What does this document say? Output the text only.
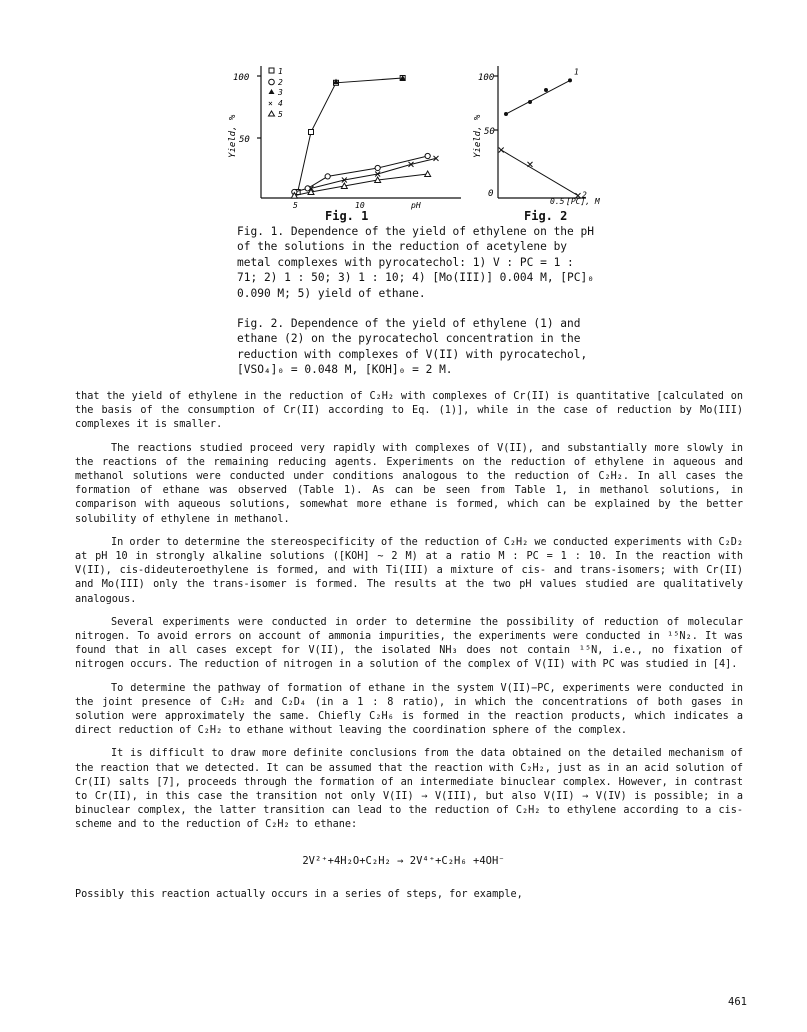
100
50
5	10	pH
Yield, %
1
2
3
× 4
5
100
50
0
0.5 [PC], M
Yield, %
1
2
Fig. 1	Fig. 2
Fig. 1. Dependence of the yield of ethylene on the pH of the solutions in the reduction of acetylene by metal complexes with pyrocatechol: 1) V : PC = 1 : 71; 2) 1 : 50; 3) 1 : 10; 4) [Mo(III)] 0.004 M, [PC]₀ 0.090 M; 5) yield of ethane.
Fig. 2. Dependence of the yield of ethylene (1) and ethane (2) on the pyrocatechol concentration in the reduction with complexes of V(II) with pyrocatechol, [VSO₄]₀ = 0.048 M, [KOH]₀ = 2 M.

that the yield of ethylene in the reduction of C₂H₂ with complexes of Cr(II) is quantitative [calculated on the basis of the consumption of Cr(II) according to Eq. (1)], while in the case of reduction by Mo(III) complexes it is smaller.

The reactions studied proceed very rapidly with complexes of V(II), and substantially more slowly in the reactions of the remaining reducing agents. Experiments on the reduction of ethylene in aqueous and methanol solutions were conducted under conditions analogous to the reduction of C₂H₂. In all cases the formation of ethane was observed (Table 1). As can be seen from Table 1, in methanol solutions, in comparison with aqueous solutions, somewhat more ethane is formed, which can be explained by the better solubility of ethylene in methanol.

In order to determine the stereospecificity of the reduction of C₂H₂ we conducted experiments with C₂D₂ at pH 10 in strongly alkaline solutions ([KOH] ~ 2 M) at a ratio M : PC = 1 : 10. In the reaction with V(II), cis-dideuteroethylene is formed, and with Ti(III) a mixture of cis- and trans-isomers; with Cr(II) and Mo(III) only the trans-isomer is formed. The results at the two pH values studied are qualitatively analogous.

Several experiments were conducted in order to determine the possibility of reduction of molecular nitrogen. To avoid errors on account of ammonia impurities, the experiments were conducted in ¹⁵N₂. It was found that in all cases except for V(II), the isolated NH₃ does not contain ¹⁵N, i.e., no fixation of nitrogen occurs. The reduction of nitrogen in a solution of the complex of V(II) with PC was studied in [4].

To determine the pathway of formation of ethane in the system V(II)−PC, experiments were conducted in the joint presence of C₂H₂ and C₂D₄ (in a 1 : 8 ratio), in which the concentrations of both gases in solution were approximately the same. Chiefly C₂H₆ is formed in the reaction products, which indicates a direct reduction of C₂H₂ to ethane without leaving the coordination sphere of the complex.

It is difficult to draw more definite conclusions from the data obtained on the detailed mechanism of the reaction that we detected. It can be assumed that the reaction with C₂H₂, just as in an acid solution of Cr(II) salts [7], proceeds through the formation of an intermediate binuclear complex. However, in contrast to Cr(II), in this case the transition not only V(II) → V(III), but also V(II) → V(IV) is possible; in a binuclear complex, the latter transition can lead to the reduction of C₂H₂ to ethylene according to a cis-scheme and to the reduction of C₂H₂ to ethane:

2V²⁺+4H₂O+C₂H₂ → 2V⁴⁺+C₂H₆ +4OH⁻
Possibly this reaction actually occurs in a series of steps, for example,
461
